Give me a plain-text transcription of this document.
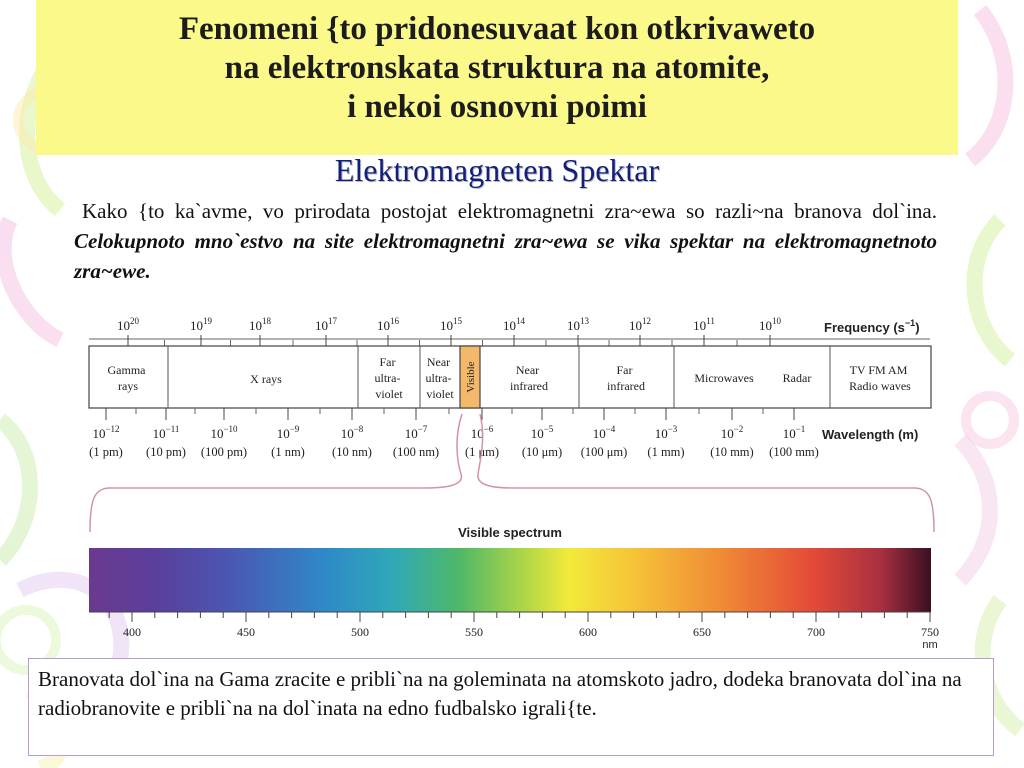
Fenomeni {to pridonesuvaat kon otkrivaweto
na elektronskata struktura na atomite,
i nekoi osnovni poimi
Elektromagneten Spektar

Kako {to ka`avme, vo prirodata postojat elektromagnetni zra~ewa so razli~na branova dol`ina. Celokupnoto mno`estvo na site elektromagnetni zra~ewa se vika spektar na elektromagnetnoto zra~ewe.

$10^{20}$	$10^{19}$	$10^{18}$	$10^{17}$	$10^{16}$	$10^{15}$	$10^{14}$	$10^{13}$	$10^{12}$	$10^{11}$	$10^{10}$	Frequency $(s^{-1})$
Gamma rays	X rays
Far ultra- violet
Near ultra- violet
Visible	Near infrared
Far infrared
Microwaves Radar
TV FM AM Radio waves
$10^{-12}$	$10^{-11}$ $10^{-10}$	$10^{-9}$	$10^{-8}$	$10^{-7}$	$10^{-6}$	$10^{-5}$	$10^{-4}$	$10^{-3}$	$10^{-2}$	$10^{-1}$
(1 pm) (10 pm) (100 pm) (1 nm) (10 nm) (100 nm) (1 μm) (10 μm) (100 μm) (1 mm) (10 mm) (100 mm)
Wavelength (m)
Visible spectrum
400	450	500	550	600	650	700	750
nm
Branovata dol`ina na Gama zracite e pribli`na na goleminata na atomskoto jadro, dodeka branovata dol`ina na radiobranovite e pribli`na na dol`inata na edno fudbalsko igrali{te.
